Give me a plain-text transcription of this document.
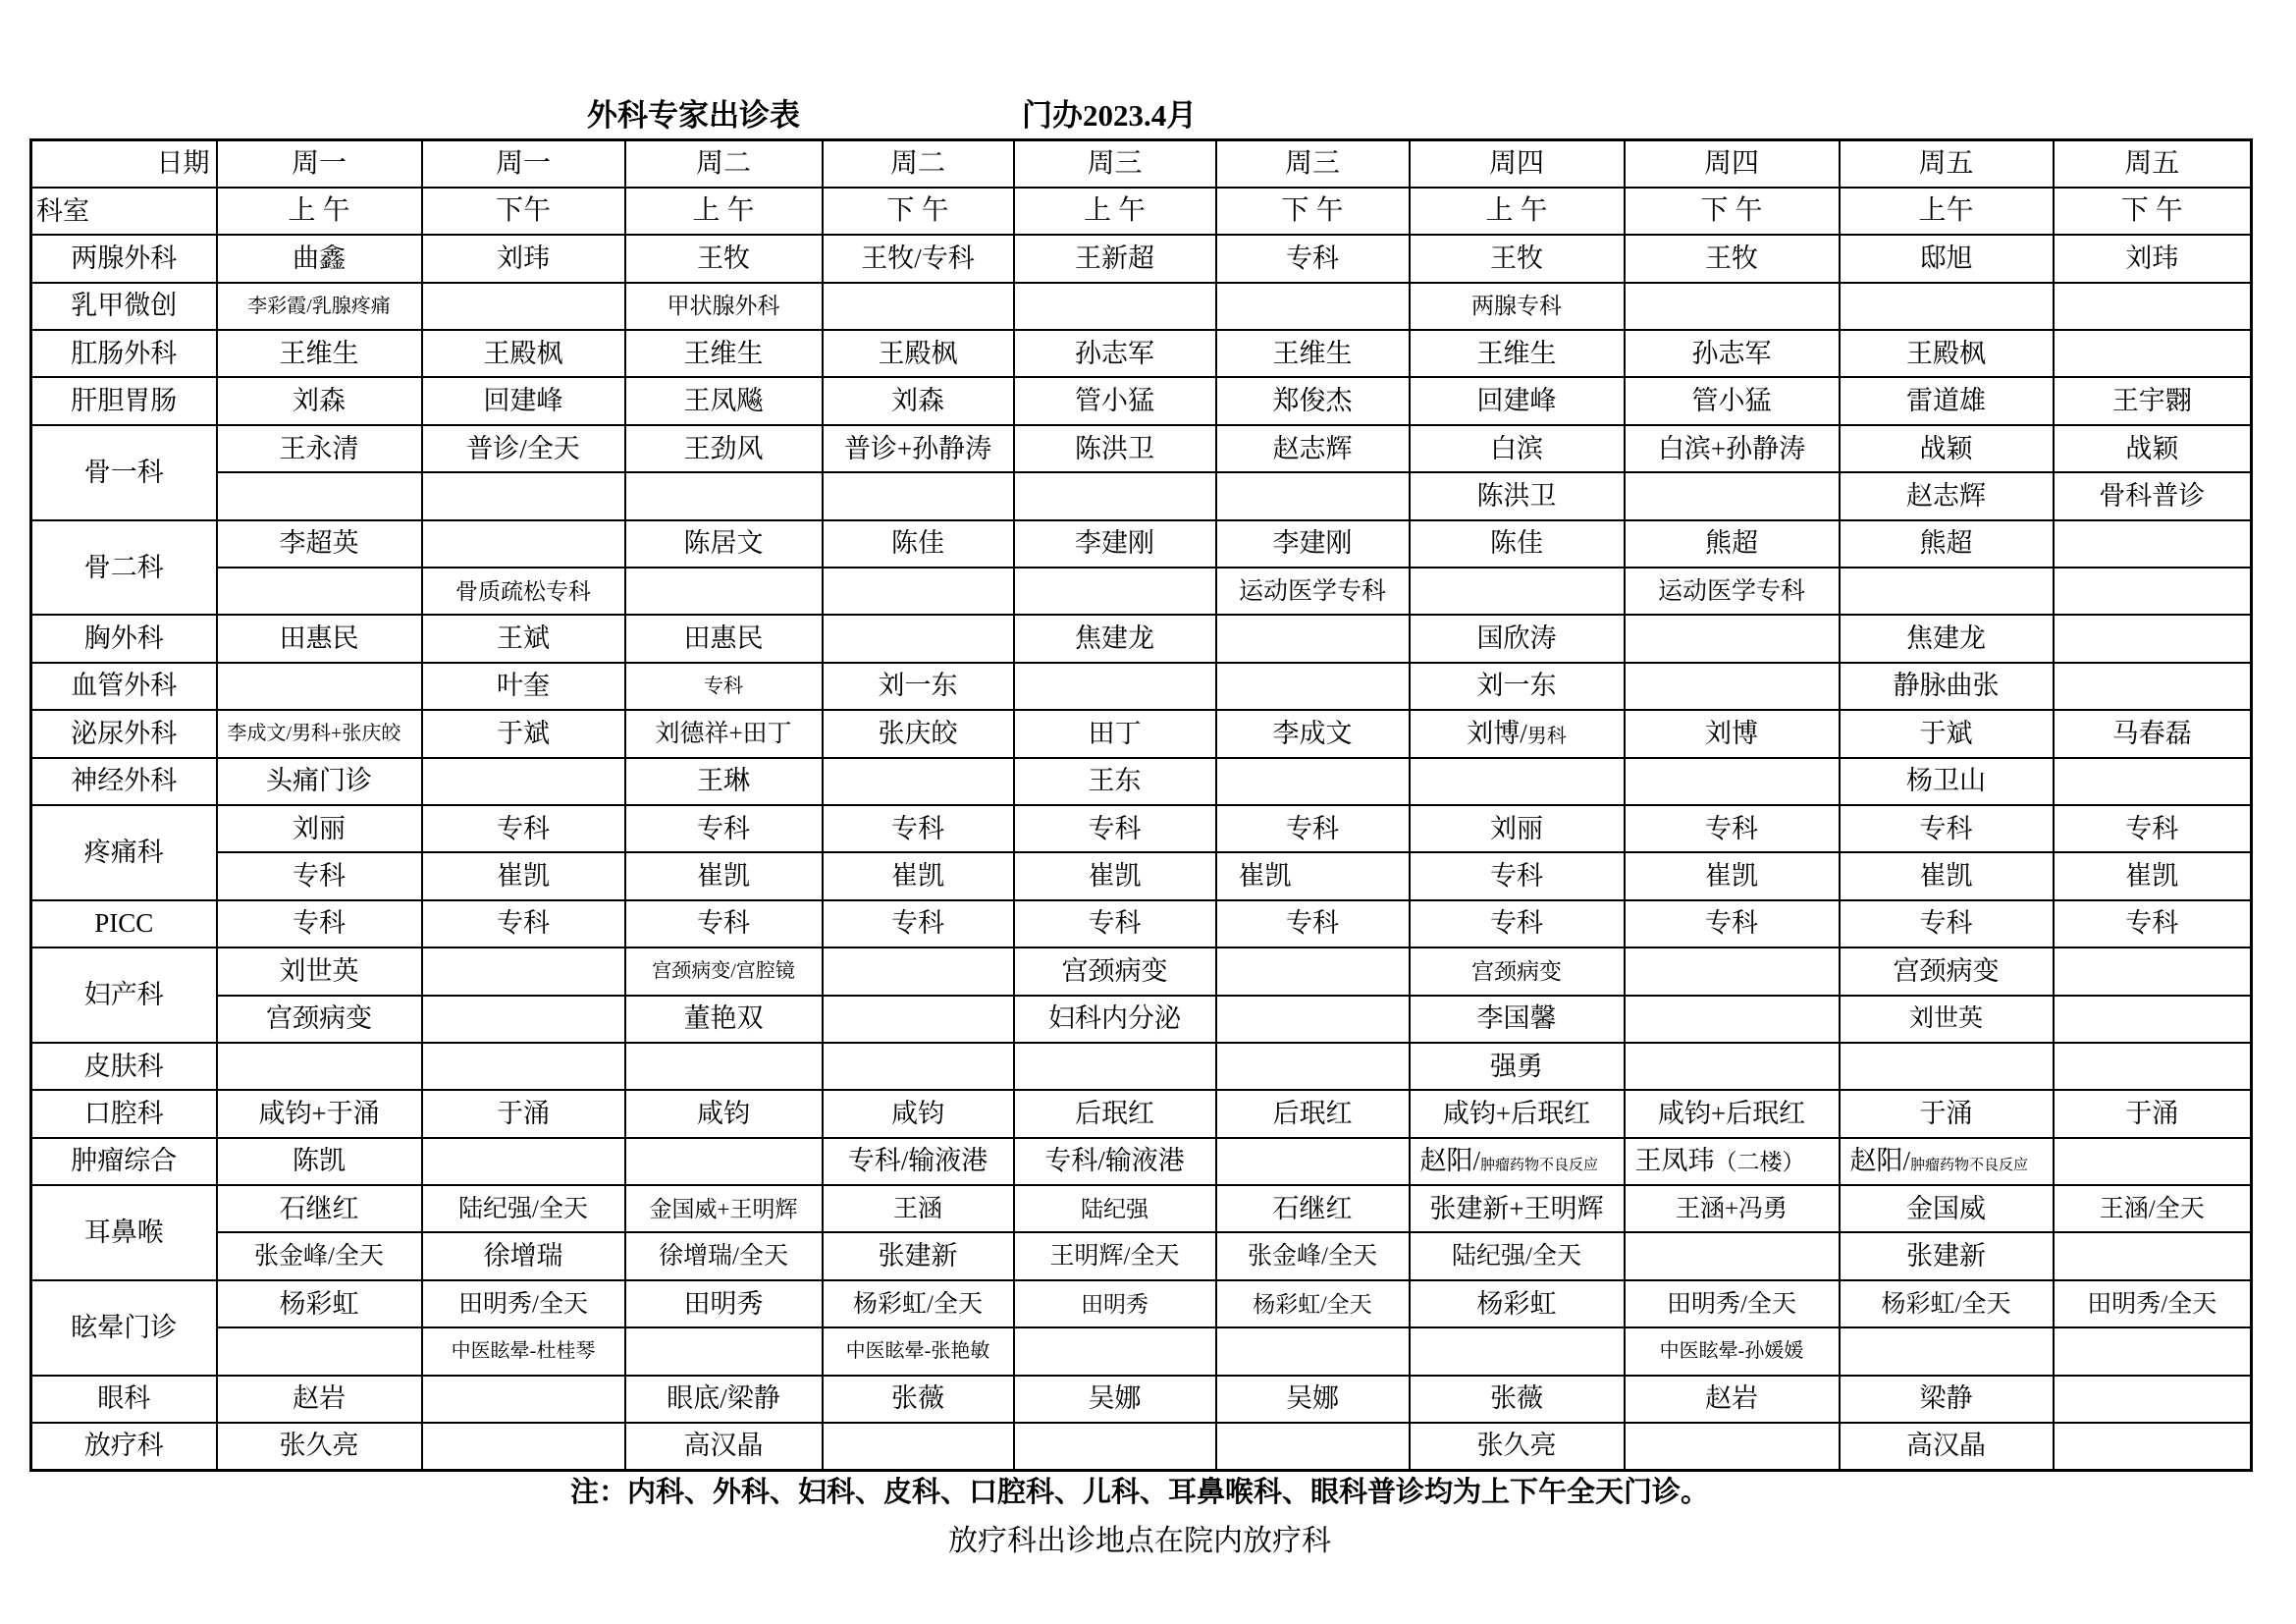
外科专家出诊表	门办2023.4月
日期	周一	周一	周二	周二	周三	周三	周四	周四	周五	周五
科室	上 午	下午	上 午	下 午	上 午	下 午	上 午	下 午	上午	下 午
两腺外科	曲鑫	刘玮	王牧	王牧/专科	王新超	专科	王牧	王牧	邸旭	刘玮
乳甲微创	李彩霞/乳腺疼痛		甲状腺外科				两腺专科			
肛肠外科	王维生	王殿枫	王维生	王殿枫	孙志军	王维生	王维生	孙志军	王殿枫	
肝胆胃肠	刘森	回建峰	王凤飚	刘森	管小猛	郑俊杰	回建峰	管小猛	雷道雄	王宇翾
骨一科	王永清	普诊/全天	王劲风	普诊+孙静涛	陈洪卫	赵志辉	白滨	白滨+孙静涛	战颖	战颖
							陈洪卫		赵志辉	骨科普诊
骨二科	李超英		陈居文	陈佳	李建刚	李建刚	陈佳	熊超	熊超	
		骨质疏松专科				运动医学专科		运动医学专科		
胸外科	田惠民	王斌	田惠民		焦建龙		国欣涛		焦建龙	
血管外科		叶奎	专科	刘一东			刘一东		静脉曲张	
泌尿外科	李成文/男科+张庆皎	于斌	刘德祥+田丁	张庆皎	田丁	李成文	刘博/男科	刘博	于斌	马春磊
神经外科	头痛门诊		王琳		王东				杨卫山	
疼痛科	刘丽	专科	专科	专科	专科	专科	刘丽	专科	专科	专科
	专科	崔凯	崔凯	崔凯	崔凯	崔凯	专科	崔凯	崔凯	崔凯
PICC	专科	专科	专科	专科	专科	专科	专科	专科	专科	专科
妇产科	刘世英		宫颈病变/宫腔镜		宫颈病变		宫颈病变		宫颈病变	
	宫颈病变		董艳双		妇科内分泌		李国馨		刘世英	
皮肤科							强勇			
口腔科	咸钧+于涌	于涌	咸钧	咸钧	后珉红	后珉红	咸钧+后珉红	咸钧+后珉红	于涌	于涌
肿瘤综合	陈凯			专科/输液港	专科/输液港		赵阳/肿瘤药物不良反应	王凤玮（二楼）	赵阳/肿瘤药物不良反应	
耳鼻喉	石继红	陆纪强/全天	金国威+王明辉	王涵	陆纪强	石继红	张建新+王明辉	王涵+冯勇	金国威	王涵/全天
	张金峰/全天	徐增瑞	徐增瑞/全天	张建新	王明辉/全天	张金峰/全天	陆纪强/全天		张建新	
眩晕门诊	杨彩虹	田明秀/全天	田明秀	杨彩虹/全天	田明秀	杨彩虹/全天	杨彩虹	田明秀/全天	杨彩虹/全天	田明秀/全天
		中医眩晕-杜桂琴		中医眩晕-张艳敏				中医眩晕-孙媛媛		
眼科	赵岩		眼底/梁静	张薇	吴娜	吴娜	张薇	赵岩	梁静	
放疗科	张久亮		高汉晶				张久亮		高汉晶	
注：内科、外科、妇科、皮科、口腔科、儿科、耳鼻喉科、眼科普诊均为上下午全天门诊。
放疗科出诊地点在院内放疗科
